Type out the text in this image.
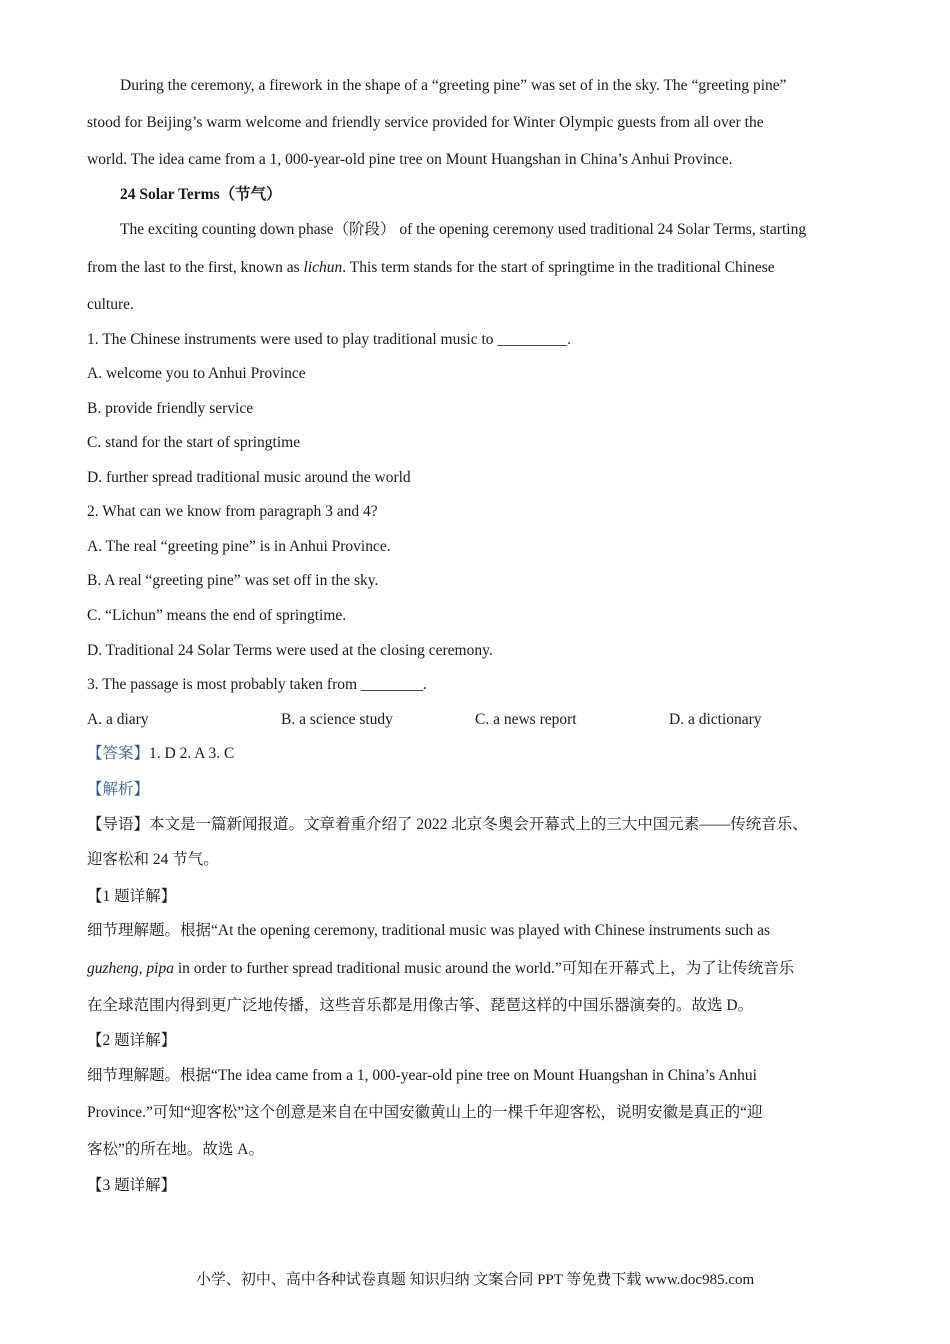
During the ceremony, a firework in the shape of a “greeting pine” was set of in the sky. The “greeting pine”
stood for Beijing’s warm welcome and friendly service provided for Winter Olympic guests from all over the
world. The idea came from a 1, 000-year-old pine tree on Mount Huangshan in China’s Anhui Province.
24 Solar Terms（节气）
The exciting counting down phase（阶段） of the opening ceremony used traditional 24 Solar Terms, starting
from the last to the first, known as lichun. This term stands for the start of springtime in the traditional Chinese
culture.
1. The Chinese instruments were used to play traditional music to _________.
A. welcome you to Anhui Province
B. provide friendly service
C. stand for the start of springtime
D. further spread traditional music around the world
2. What can we know from paragraph 3 and 4?
A. The real “greeting pine” is in Anhui Province.
B. A real “greeting pine” was set off in the sky.
C. “Lichun” means the end of springtime.
D. Traditional 24 Solar Terms were used at the closing ceremony.
3. The passage is most probably taken from ________.
A. a diary	B. a science study	C. a news report	D. a dictionary
【答案】1. D 2. A 3. C
【解析】
【导语】本文是一篇新闻报道。文章着重介绍了 2022 北京冬奥会开幕式上的三大中国元素——传统音乐、
迎客松和 24 节气。
【1 题详解】
细节理解题。根据“At the opening ceremony, traditional music was played with Chinese instruments such as
guzheng, pipa in order to further spread traditional music around the world.”可知在开幕式上，为了让传统音乐
在全球范围内得到更广泛地传播，这些音乐都是用像古筝、琵琶这样的中国乐器演奏的。故选 D。
【2 题详解】
细节理解题。根据“The idea came from a 1, 000-year-old pine tree on Mount Huangshan in China’s Anhui
Province.”可知“迎客松”这个创意是来自在中国安徽黄山上的一棵千年迎客松，说明安徽是真正的“迎
客松”的所在地。故选 A。
【3 题详解】
小学、初中、高中各种试卷真题 知识归纳 文案合同 PPT 等免费下载 www.doc985.com
